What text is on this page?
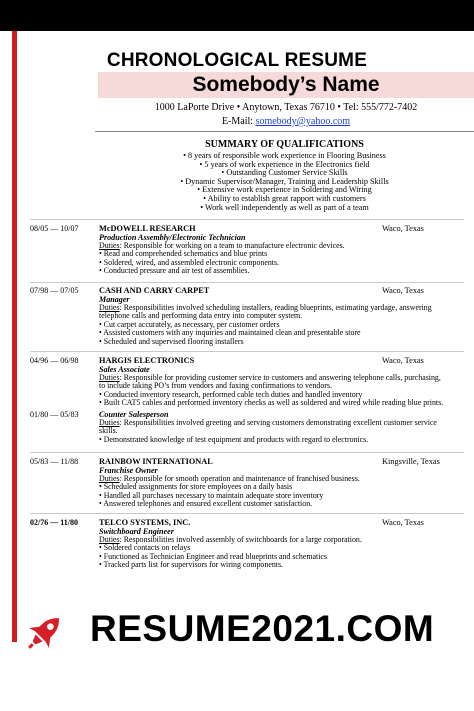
CHRONOLOGICAL RESUME
Somebody’s Name
1000 LaPorte Drive • Anytown, Texas 76710 • Tel: 555/772-7402
E-Mail: somebody@yahoo.com
SUMMARY OF QUALIFICATIONS
• 8 years of responsible work experience in Flooring Business
• 5 years of work experience in the Electronics field
• Outstanding Customer Service Skills
• Dynamic Supervisor/Manager, Training and Leadership Skills
• Extensive work experience in Soldering and Wiring
• Ability to establish great rapport with customers
• Work well independently as well as part of a team
08/05 — 10/07 McDOWELL RESEARCH	Waco, Texas
Production Assembly/Electronic Technician
Duties: Responsible for working on a team to manufacture electronic devices.
• Read and comprehended schematics and blue prints
• Soldered, wired, and assembled electronic components.
• Conducted pressure and air test of assemblies.
07/98 — 07/05 CASH AND CARRY CARPET	Waco, Texas
Manager
Duties: Responsibilities involved scheduling installers, reading blueprints, estimating yardage, answering
telephone calls and performing data entry into computer system.
• Cut carpet accurately, as necessary, per customer orders
• Assisted customers with any inquiries and maintained clean and presentable store
• Scheduled and supervised flooring installers
04/96 — 06/98 HARGIS ELECTRONICS	Waco, Texas
Sales Associate
Duties: Responsible for providing customer service to customers and answering telephone calls, purchasing,
to include taking PO’s from vendors and faxing confirmations to vendors.
• Conducted inventory research, performed cable tech duties and handled inventory
• Built CAT5 cables and performed inventory checks as well as soldered and wired while reading blue prints.
01/80 — 05/83	Counter Salesperson
Duties: Responsibilities involved greeting and serving customers demonstrating excellent customer service
skills.
• Demonstrated knowledge of test equipment and products with regard to electronics.
05/83 — 11/88	RAINBOW INTERNATIONAL	Kingsville, Texas
Franchise Owner
Duties: Responsible for smooth operation and maintenance of franchised business.
• Scheduled assignments for store employees on a daily basis
• Handled all purchases necessary to maintain adequate store inventory
• Answered telephones and ensured excellent customer satisfaction.
02/76 — 11/80	TELCO SYSTEMS, INC.	Waco, Texas
Switchboard Engineer
Duties: Responsibilities involved assembly of switchboards for a large corporation.
• Soldered contacts on relays
• Functioned as Technician Engineer and read blueprints and schematics
• Tracked parts list for supervisors for wiring components.
RESUME2021.COM
